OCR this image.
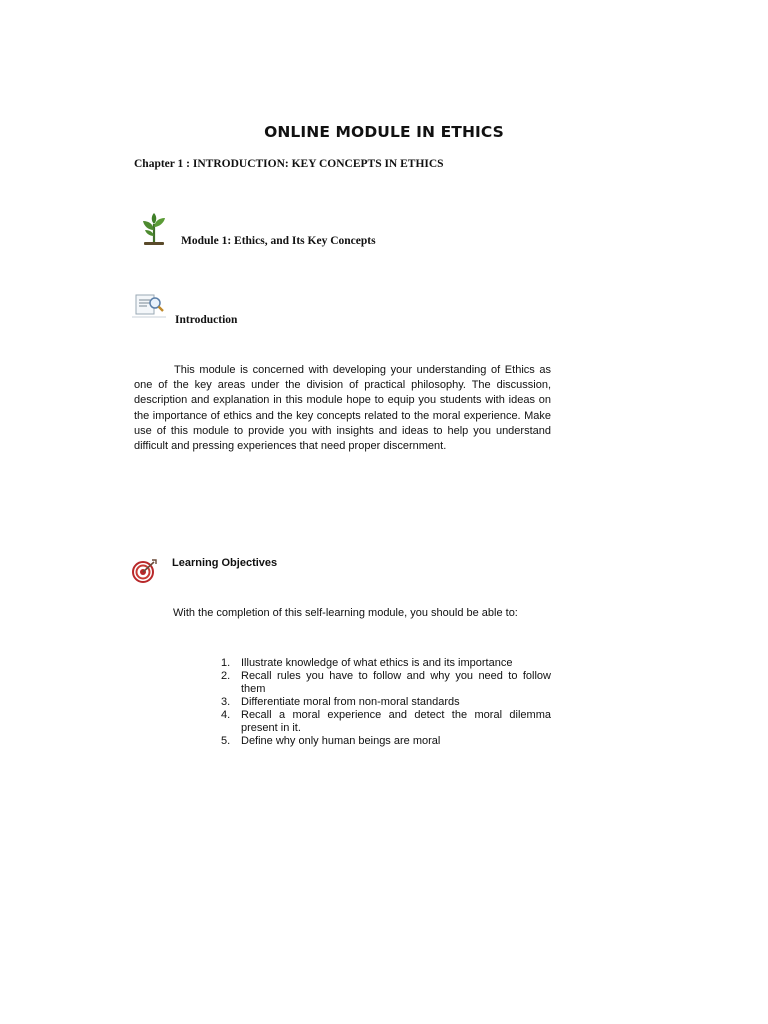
ONLINE MODULE IN ETHICS
Chapter 1 : INTRODUCTION: KEY CONCEPTS IN ETHICS
Module 1: Ethics, and Its Key Concepts
Introduction
This module is concerned with developing your understanding of Ethics as one of the key areas under the division of practical philosophy. The discussion, description and explanation in this module hope to equip you students with ideas on the importance of ethics and the key concepts related to the moral experience. Make use of this module to provide you with insights and ideas to help you understand difficult and pressing experiences that need proper discernment.
Learning Objectives
With the completion of this self-learning module, you should be able to:
1. Illustrate knowledge of what ethics is and its importance
2. Recall rules you have to follow and why you need to follow them
3. Differentiate moral from non-moral standards
4. Recall a moral experience and detect the moral dilemma present in it.
5. Define why only human beings are moral
